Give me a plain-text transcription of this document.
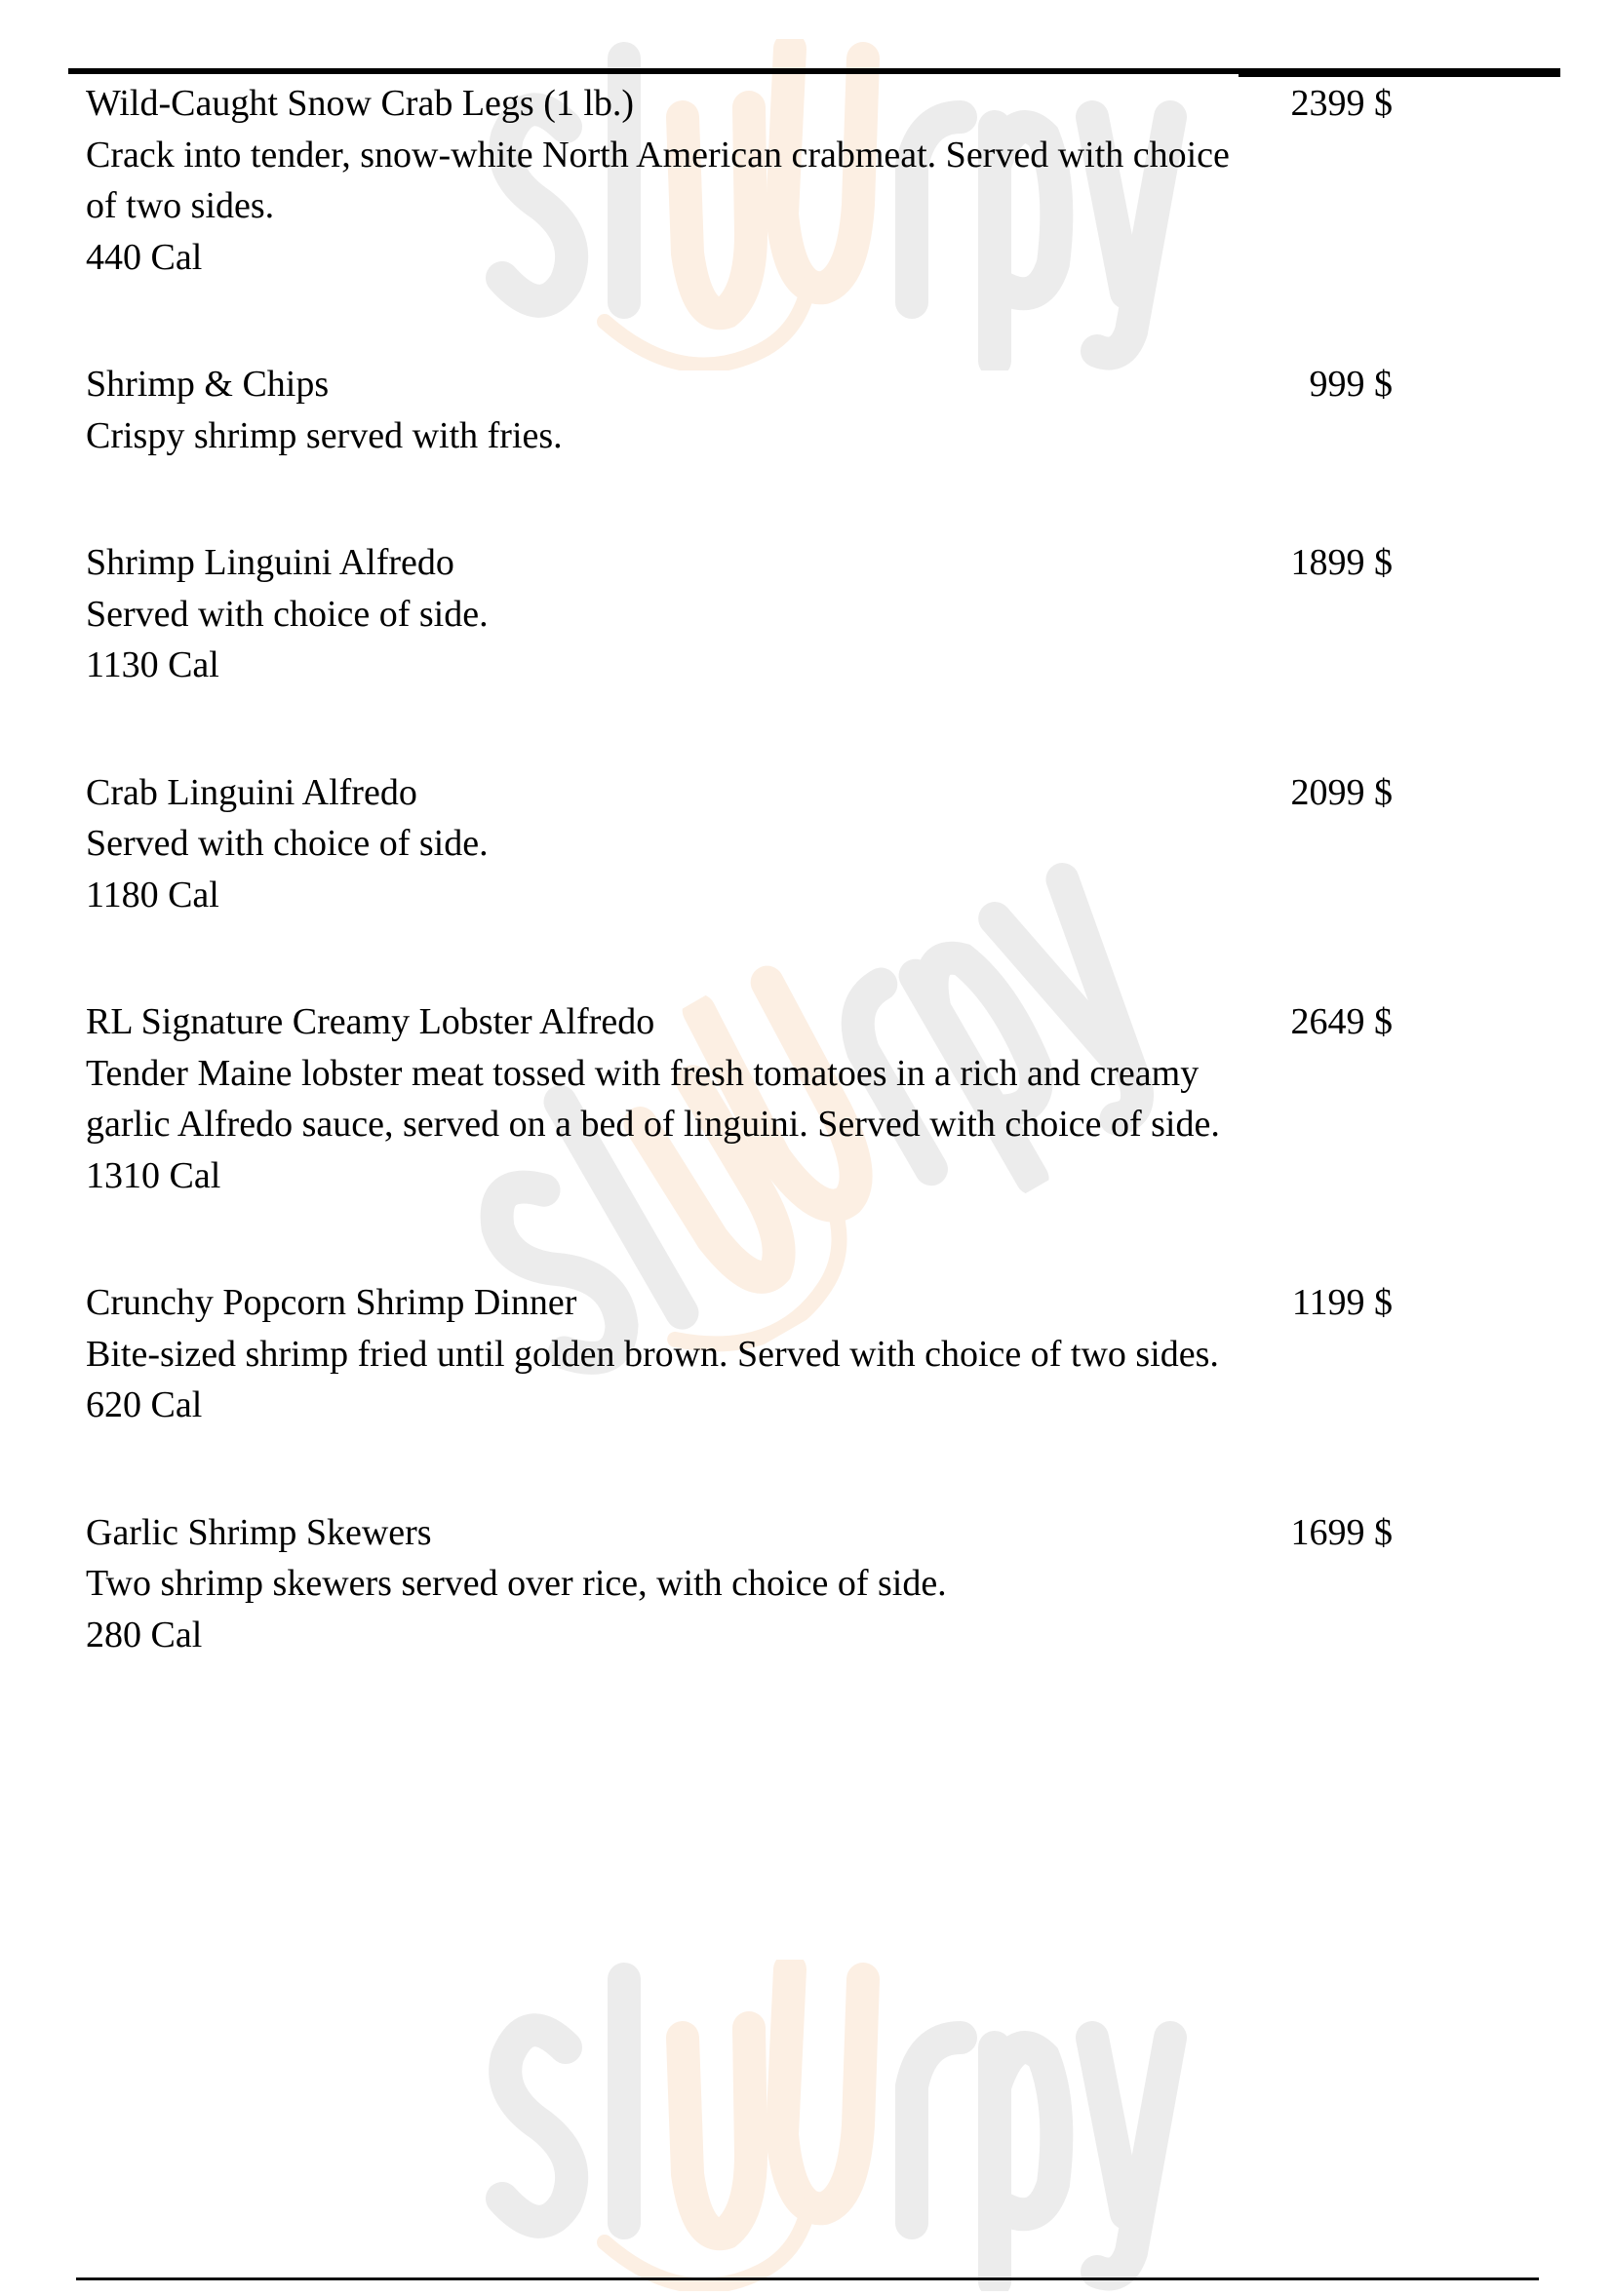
Wild-Caught Snow Crab Legs (1 lb.)
Crack into tender, snow-white North American crabmeat. Served with choice of two sides.
440 Cal
2399 $
Shrimp & Chips
Crispy shrimp served with fries.
999 $
Shrimp Linguini Alfredo
Served with choice of side.
1130 Cal
1899 $
Crab Linguini Alfredo
Served with choice of side.
1180 Cal
2099 $
RL Signature Creamy Lobster Alfredo
Tender Maine lobster meat tossed with fresh tomatoes in a rich and creamy garlic Alfredo sauce, served on a bed of linguini. Served with choice of side.
1310 Cal
2649 $
Crunchy Popcorn Shrimp Dinner
Bite-sized shrimp fried until golden brown. Served with choice of two sides.
620 Cal
1199 $
Garlic Shrimp Skewers
Two shrimp skewers served over rice, with choice of side.
280 Cal
1699 $
